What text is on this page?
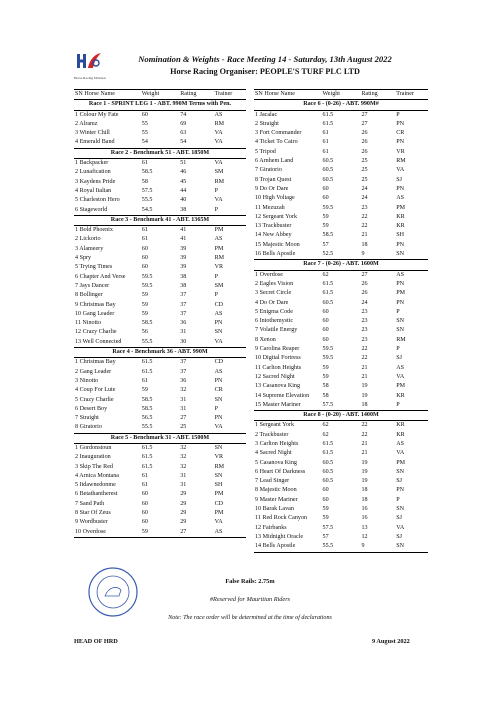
Horse Racing Division
Nomination & Weights - Race Meeting 14 - Saturday, 13th August 2022
Horse Racing Organiser: PEOPLE'S TURF PLC LTD
SN Horse Name	Weight	Rating	Trainer
Race 1 - SPRINT LEG 1 - ABT. 990M Terms with Pen.			
1 Colour My Fate	60	74	AS
2 Alramz	55	69	RM
3 Winter Chill	55	63	VA
4 Emerald Band	54	54	VA
Race 2 - Benchmark 51 - ABT. 1850M			
1 Backpacker	61	51	VA
2 Lunafication	58.5	46	SM
3 Kaydens Pride	58	45	RM
4 Royal Italian	57.5	44	P
5 Charleston Hero	55.5	40	VA
6 Stageworld	54.5	38	P
Race 3 - Benchmark 41 - ABT. 1365M			
1 Bold Phoenix	61	41	PM
2 Lickorio	61	41	AS
3 Alameery	60	39	PM
4 Spry	60	39	RM
5 Trying Times	60	39	VR
6 Chapter And Verse	59.5	38	P
7 Jays Dancer	59.5	38	SM
8 Bollinger	59	37	P
9 Christmas Bay	59	37	CD
10 Gang Leader	59	37	AS
11 Ninotto	58.5	36	PN
12 Crazy Charlie	56	31	SN
13 Well Connected	55.5	30	VA
Race 4 - Benchmark 36 - ABT. 990M			
1 Christmas Bay	61.5	37	CD
2 Gang Leader	61.5	37	AS
3 Ninotto	61	36	PN
4 Coup For Lute	59	32	CR
5 Crazy Charlie	58.5	31	SN
6 Desert Boy	58.5	31	P
7 Straight	56.5	27	PN
8 Giratorio	55.5	25	VA
Race 5 - Benchmark 31 - ABT. 1500M			
1 Gordonstoun	61.5	32	SN
2 Inauguration	61.5	32	VR
3 Skip The Red	61.5	32	RM
4 Arnica Montana	61	31	SN
5 Itdawnedonme	61	31	SH
6 Betathantherest	60	29	PM
7 Sand Path	60	29	CD
8 Star Of Zeus	60	29	PM
9 Wordbuster	60	29	VA
10 Overdose	59	27	AS
SN Horse Name	Weight	Rating	Trainer
Race 6 - (0-26) - ABT. 990M#			
1 Jacalac	61.5	27	P
2 Straight	61.5	27	PN
3 Fort Commander	61	26	CR
4 Ticket To Cairo	61	26	PN
5 Tripod	61	26	VR
6 Arnhem Land	60.5	25	RM
7 Giratorio	60.5	25	VA
8 Trojan Quest	60.5	25	SJ
9 Do Or Dare	60	24	PN
10 High Voltage	60	24	AS
11 Mezuzah	59.5	23	PM
12 Sergeant York	59	22	KR
13 Trackbuster	59	22	KR
14 New Abbey	58.5	21	SH
15 Majestic Moon	57	18	PN
16 Bells Apostle	52.5	9	SN
Race 7 - (0-26) - ABT. 1600M			
1 Overdose	62	27	AS
2 Eagles Vision	61.5	26	PN
3 Secret Circle	61.5	26	PM
4 Do Or Dare	60.5	24	PN
5 Enigma Code	60	23	P
6 Intothemystic	60	23	SN
7 Volatile Energy	60	23	SN
8 Xenon	60	23	RM
9 Carolina Reaper	59.5	22	P
10 Digital Fortress	59.5	22	SJ
11 Carlton Heights	59	21	AS
12 Sacred Night	59	21	VA
13 Casanova King	58	19	PM
14 Supreme Elevation	58	19	KR
15 Master Mariner	57.5	18	P
Race 8 - (0-20) - ABT. 1400M			
1 Sergeant York	62	22	KR
2 Trackbuster	62	22	KR
3 Carlton Heights	61.5	21	AS
4 Sacred Night	61.5	21	VA
5 Casanova King	60.5	19	PM
6 Heart Of Darkness	60.5	19	SN
7 Lead Singer	60.5	19	SJ
8 Majestic Moon	60	18	PN
9 Master Mariner	60	18	P
10 Barak Lavan	59	16	SN
11 Red Rock Canyon	59	16	SJ
12 Fairbanks	57.5	13	VA
13 Midnight Oracle	57	12	SJ
14 Bells Apostle	55.5	9	SN
False Rails: 2.75m
#Reserved for Mauritian Riders
Note: The race order will be determined at the time of declarations
HEAD OF HRD	9 August 2022
